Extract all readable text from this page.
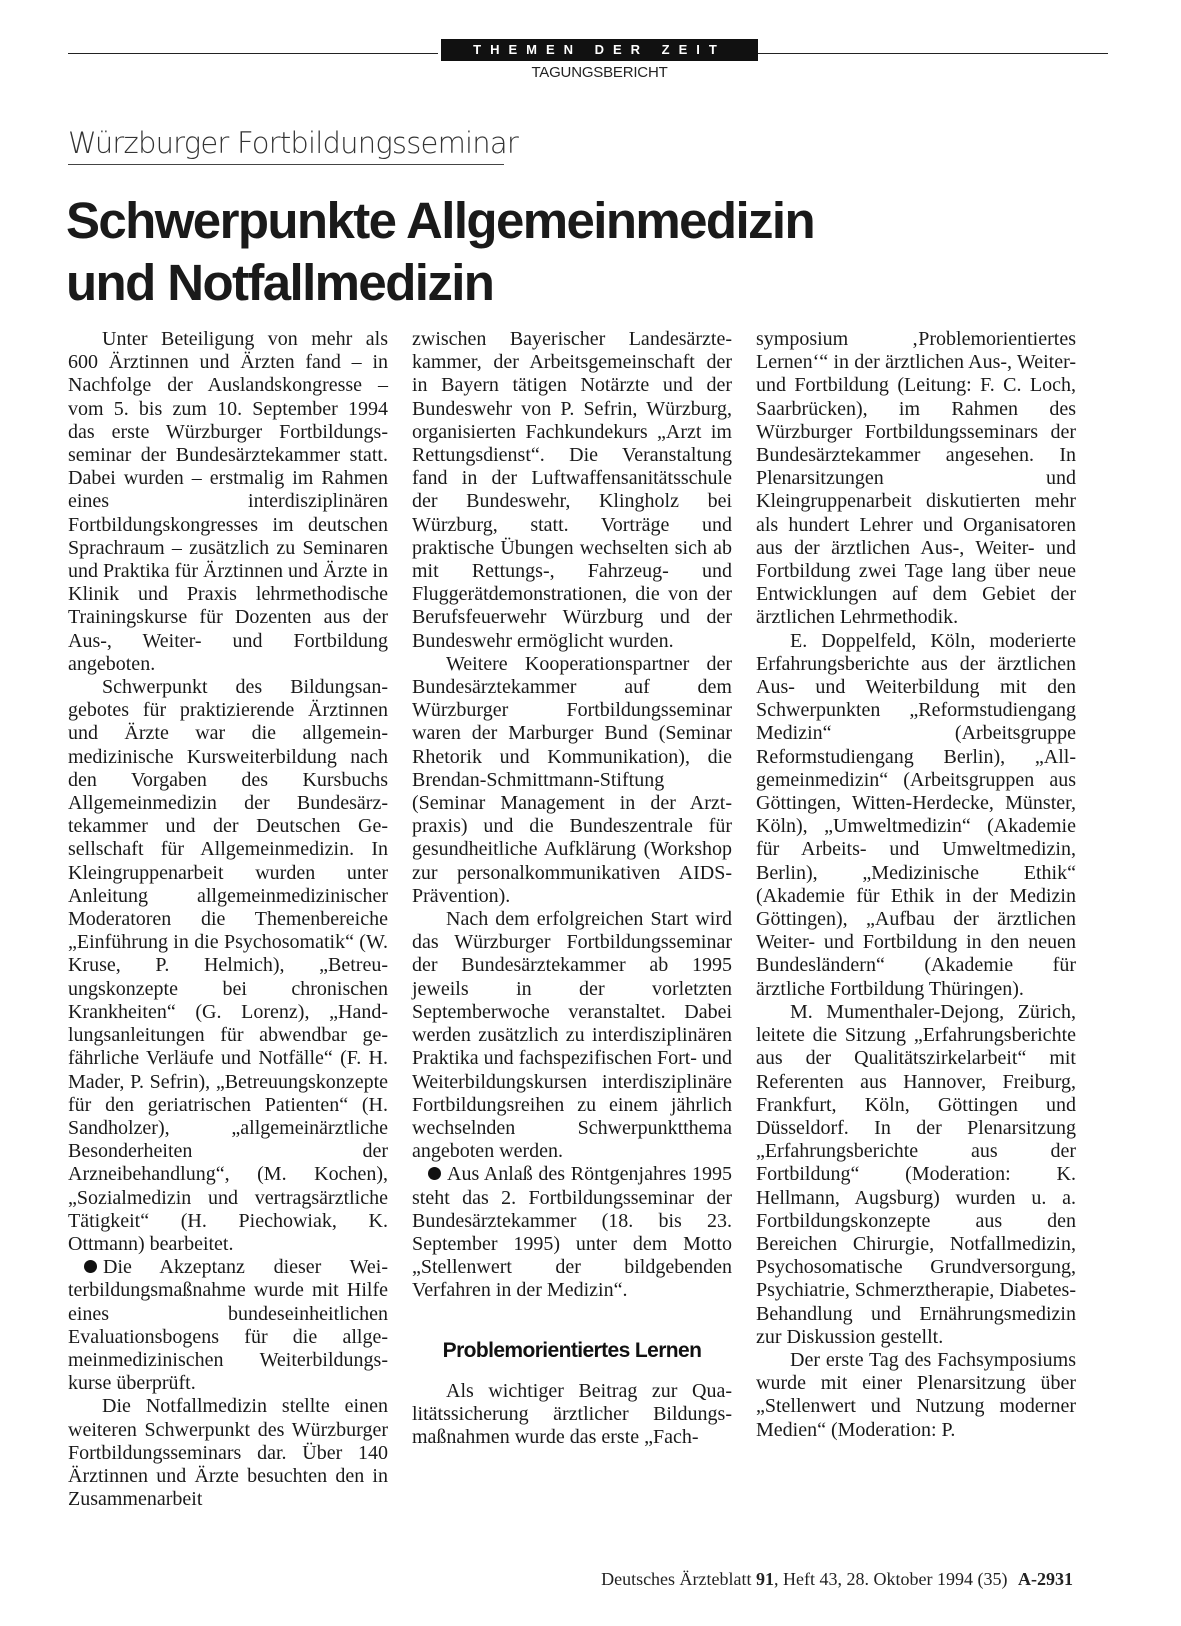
THEMEN DER ZEIT
TAGUNGSBERICHT
Würzburger Fortbildungsseminar
Schwerpunkte Allgemeinmedizin
und Notfallmedizin

Unter Beteiligung von mehr als 600 Ärztinnen und Ärzten fand – in Nachfolge der Auslandskongresse – vom 5. bis zum 10. September 1994 das erste Würzburger Fortbildungsseminar der Bundesärztekammer statt. Dabei wurden – erstmalig im Rahmen eines interdisziplinären Fortbildungskongresses im deutschen Sprachraum – zusätzlich zu Seminaren und Praktika für Ärztinnen und Ärzte in Klinik und Praxis lehrmethodische Trainingskurse für Dozenten aus der Aus-, Weiter- und Fortbildung angeboten.

Schwerpunkt des Bildungsangebotes für praktizierende Ärztinnen und Ärzte war die allgemeinmedizinische Kursweiterbildung nach den Vorgaben des Kursbuchs Allgemeinmedizin der Bundesärztekammer und der Deutschen Gesellschaft für Allgemeinmedizin. In Kleingruppenarbeit wurden unter Anleitung allgemeinmedizinischer Moderatoren die Themenbereiche „Einführung in die Psychosomatik“ (W. Kruse, P. Helmich), „Betreuungskonzepte bei chronischen Krankheiten“ (G. Lorenz), „Handlungsanleitungen für abwendbar gefährliche Verläufe und Notfälle“ (F. H. Mader, P. Sefrin), „Betreuungskonzepte für den geriatrischen Patienten“ (H. Sandholzer), „allgemeinärztliche Besonderheiten der Arzneibehandlung“, (M. Kochen), „Sozialmedizin und vertragsärztliche Tätigkeit“ (H. Piechowiak, K. Ottmann) bearbeitet.

Die Akzeptanz dieser Weiterbildungsmaßnahme wurde mit Hilfe eines bundeseinheitlichen Evaluationsbogens für die allgemeinmedizinischen Weiterbildungskurse überprüft.

Die Notfallmedizin stellte einen weiteren Schwerpunkt des Würzburger Fortbildungsseminars dar. Über 140 Ärztinnen und Ärzte besuchten den in Zusammenarbeit

zwischen Bayerischer Landesärztekammer, der Arbeitsgemeinschaft der in Bayern tätigen Notärzte und der Bundeswehr von P. Sefrin, Würzburg, organisierten Fachkundekurs „Arzt im Rettungsdienst“. Die Veranstaltung fand in der Luftwaffensanitätsschule der Bundeswehr, Klingholz bei Würzburg, statt. Vorträge und praktische Übungen wechselten sich ab mit Rettungs-, Fahrzeug- und Fluggerätdemonstrationen, die von der Berufsfeuerwehr Würzburg und der Bundeswehr ermöglicht wurden.

Weitere Kooperationspartner der Bundesärztekammer auf dem Würzburger Fortbildungsseminar waren der Marburger Bund (Seminar Rhetorik und Kommunikation), die Brendan-Schmittmann-Stiftung (Seminar Management in der Arztpraxis) und die Bundeszentrale für gesundheitliche Aufklärung (Workshop zur personalkommunikativen AIDS-Prävention).

Nach dem erfolgreichen Start wird das Würzburger Fortbildungsseminar der Bundesärztekammer ab 1995 jeweils in der vorletzten Septemberwoche veranstaltet. Dabei werden zusätzlich zu interdisziplinären Praktika und fachspezifischen Fort- und Weiterbildungskursen interdisziplinäre Fortbildungsreihen zu einem jährlich wechselnden Schwerpunktthema angeboten werden.

Aus Anlaß des Röntgenjahres 1995 steht das 2. Fortbildungsseminar der Bundesärztekammer (18. bis 23. September 1995) unter dem Motto „Stellenwert der bildgebenden Verfahren in der Medizin“.

Problemorientiertes Lernen

Als wichtiger Beitrag zur Qualitätssicherung ärztlicher Bildungsmaßnahmen wurde das erste „Fach-

symposium ‚Problemorientiertes Lernen‘“ in der ärztlichen Aus-, Weiter- und Fortbildung (Leitung: F. C. Loch, Saarbrücken), im Rahmen des Würzburger Fortbildungsseminars der Bundesärztekammer angesehen. In Plenarsitzungen und Kleingruppenarbeit diskutierten mehr als hundert Lehrer und Organisatoren aus der ärztlichen Aus-, Weiter- und Fortbildung zwei Tage lang über neue Entwicklungen auf dem Gebiet der ärztlichen Lehrmethodik.

E. Doppelfeld, Köln, moderierte Erfahrungsberichte aus der ärztlichen Aus- und Weiterbildung mit den Schwerpunkten „Reformstudiengang Medizin“ (Arbeitsgruppe Reformstudiengang Berlin), „Allgemeinmedizin“ (Arbeitsgruppen aus Göttingen, Witten-Herdecke, Münster, Köln), „Umweltmedizin“ (Akademie für Arbeits- und Umweltmedizin, Berlin), „Medizinische Ethik“ (Akademie für Ethik in der Medizin Göttingen), „Aufbau der ärztlichen Weiter- und Fortbildung in den neuen Bundesländern“ (Akademie für ärztliche Fortbildung Thüringen).

M. Mumenthaler-Dejong, Zürich, leitete die Sitzung „Erfahrungsberichte aus der Qualitätszirkelarbeit“ mit Referenten aus Hannover, Freiburg, Frankfurt, Köln, Göttingen und Düsseldorf. In der Plenarsitzung „Erfahrungsberichte aus der Fortbildung“ (Moderation: K. Hellmann, Augsburg) wurden u. a. Fortbildungskonzepte aus den Bereichen Chirurgie, Notfallmedizin, Psychosomatische Grundversorgung, Psychiatrie, Schmerztherapie, Diabetes-Behandlung und Ernährungsmedizin zur Diskussion gestellt.

Der erste Tag des Fachsymposiums wurde mit einer Plenarsitzung über „Stellenwert und Nutzung moderner Medien“ (Moderation: P.

Deutsches Ärzteblatt 91, Heft 43, 28. Oktober 1994 (35) A-2931
